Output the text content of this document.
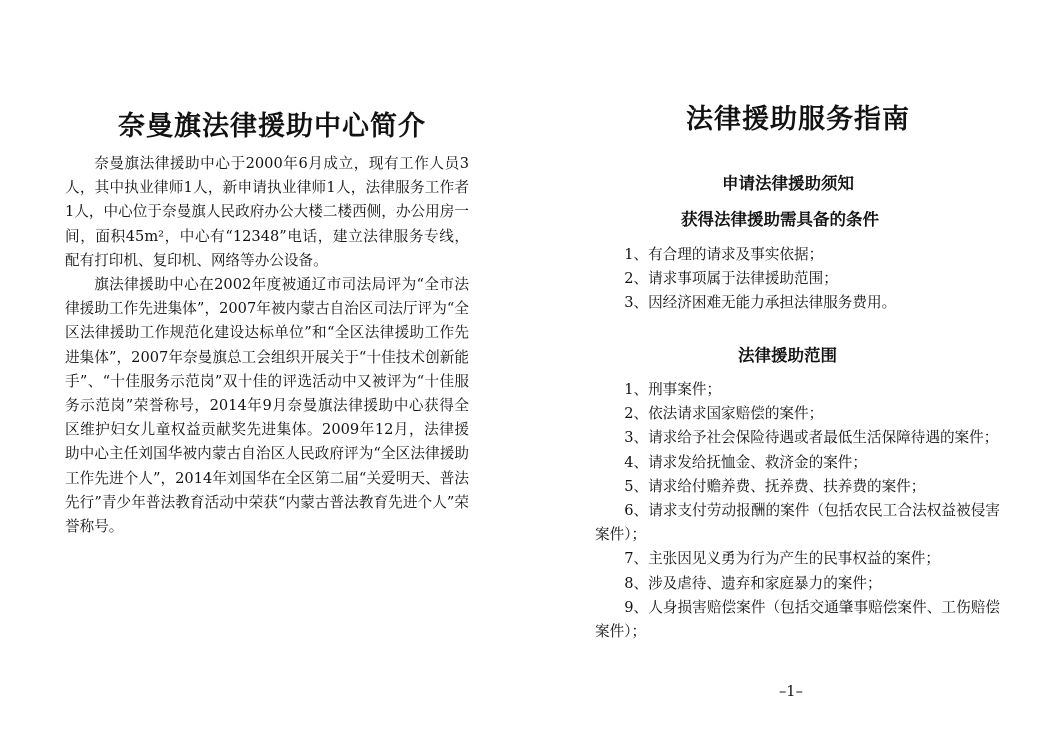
奈曼旗法律援助中心简介

奈曼旗法律援助中心于2000年6月成立，现有工作人员3人，其中执业律师1人，新申请执业律师1人，法律服务工作者1人，中心位于奈曼旗人民政府办公大楼二楼西侧，办公用房一间，面积45m²，中心有“12348”电话，建立法律服务专线，配有打印机、复印机、网络等办公设备。

旗法律援助中心在2002年度被通辽市司法局评为“全市法律援助工作先进集体”，2007年被内蒙古自治区司法厅评为“全区法律援助工作规范化建设达标单位”和“全区法律援助工作先进集体”，2007年奈曼旗总工会组织开展关于“十佳技术创新能手”、“十佳服务示范岗”双十佳的评选活动中又被评为“十佳服务示范岗”荣誉称号，2014年9月奈曼旗法律援助中心获得全区维护妇女儿童权益贡献奖先进集体。2009年12月，法律援助中心主任刘国华被内蒙古自治区人民政府评为“全区法律援助工作先进个人”，2014年刘国华在全区第二届“关爱明天、普法先行”青少年普法教育活动中荣获“内蒙古普法教育先进个人”荣誉称号。

法律援助服务指南
申请法律援助须知
获得法律援助需具备的条件
1、有合理的请求及事实依据；
2、请求事项属于法律援助范围；
3、因经济困难无能力承担法律服务费用。
法律援助范围
1、刑事案件；
2、依法请求国家赔偿的案件；
3、请求给予社会保险待遇或者最低生活保障待遇的案件；
4、请求发给抚恤金、救济金的案件；
5、请求给付赡养费、抚养费、扶养费的案件；
6、请求支付劳动报酬的案件（包括农民工合法权益被侵害案件）；
7、主张因见义勇为行为产生的民事权益的案件；
8、涉及虐待、遗弃和家庭暴力的案件；
9、人身损害赔偿案件（包括交通肇事赔偿案件、工伤赔偿案件）；
–1–
